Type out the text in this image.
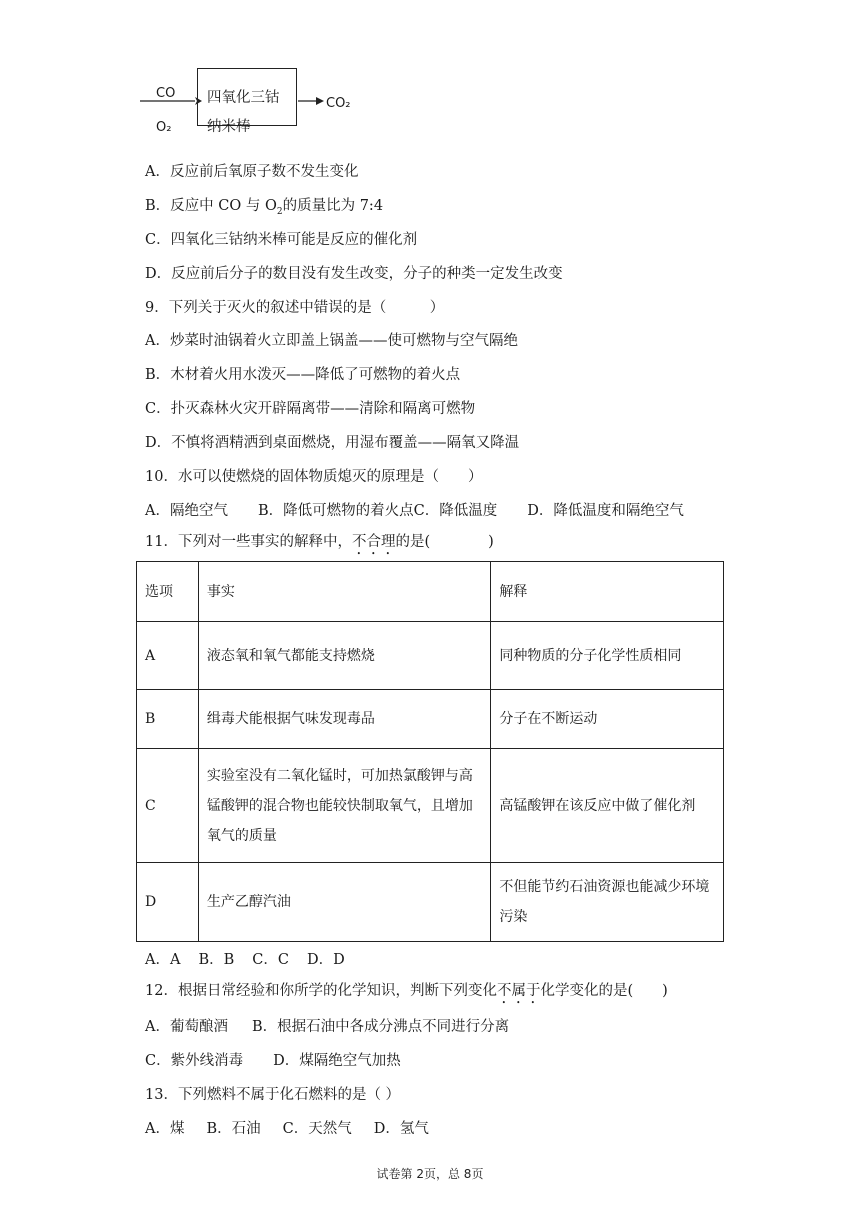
CO
O₂
四氧化三钴
纳米棒
CO₂
A．反应前后氧原子数不发生变化
B．反应中 CO 与 $O_2$的质量比为 7:4
C．四氧化三钴纳米棒可能是反应的催化剂
D．反应前后分子的数目没有发生改变，分子的种类一定发生改变
9．下列关于灭火的叙述中错误的是（　　　）
A．炒菜时油锅着火立即盖上锅盖——使可燃物与空气隔绝
B．木材着火用水泼灭——降低了可燃物的着火点
C．扑灭森林火灾开辟隔离带——清除和隔离可燃物
D．不慎将酒精洒到桌面燃烧，用湿布覆盖——隔氧又降温
10．水可以使燃烧的固体物质熄灭的原理是（　　）
A．隔绝空气 B．降低可燃物的着火点C．降低温度 D．降低温度和隔绝空气
11．下列对一些事实的解释中，不合理的是(　　　　)
选项	事实	解释
A	液态氧和氧气都能支持燃烧	同种物质的分子化学性质相同
B	缉毒犬能根据气味发现毒品	分子在不断运动
C	实验室没有二氧化锰时，可加热氯酸钾与高锰酸钾的混合物也能较快制取氧气，且增加氧气的质量	高锰酸钾在该反应中做了催化剂
D	生产乙醇汽油	不但能节约石油资源也能减少环境污染
A．A B．B C．C D．D
12．根据日常经验和你所学的化学知识，判断下列变化不属于化学变化的是(　　)
A．葡萄酿酒 B．根据石油中各成分沸点不同进行分离
C．紫外线消毒 D．煤隔绝空气加热
13．下列燃料不属于化石燃料的是（ ）
A．煤 B．石油 C．天然气 D．氢气
试卷第 2页，总 8页
